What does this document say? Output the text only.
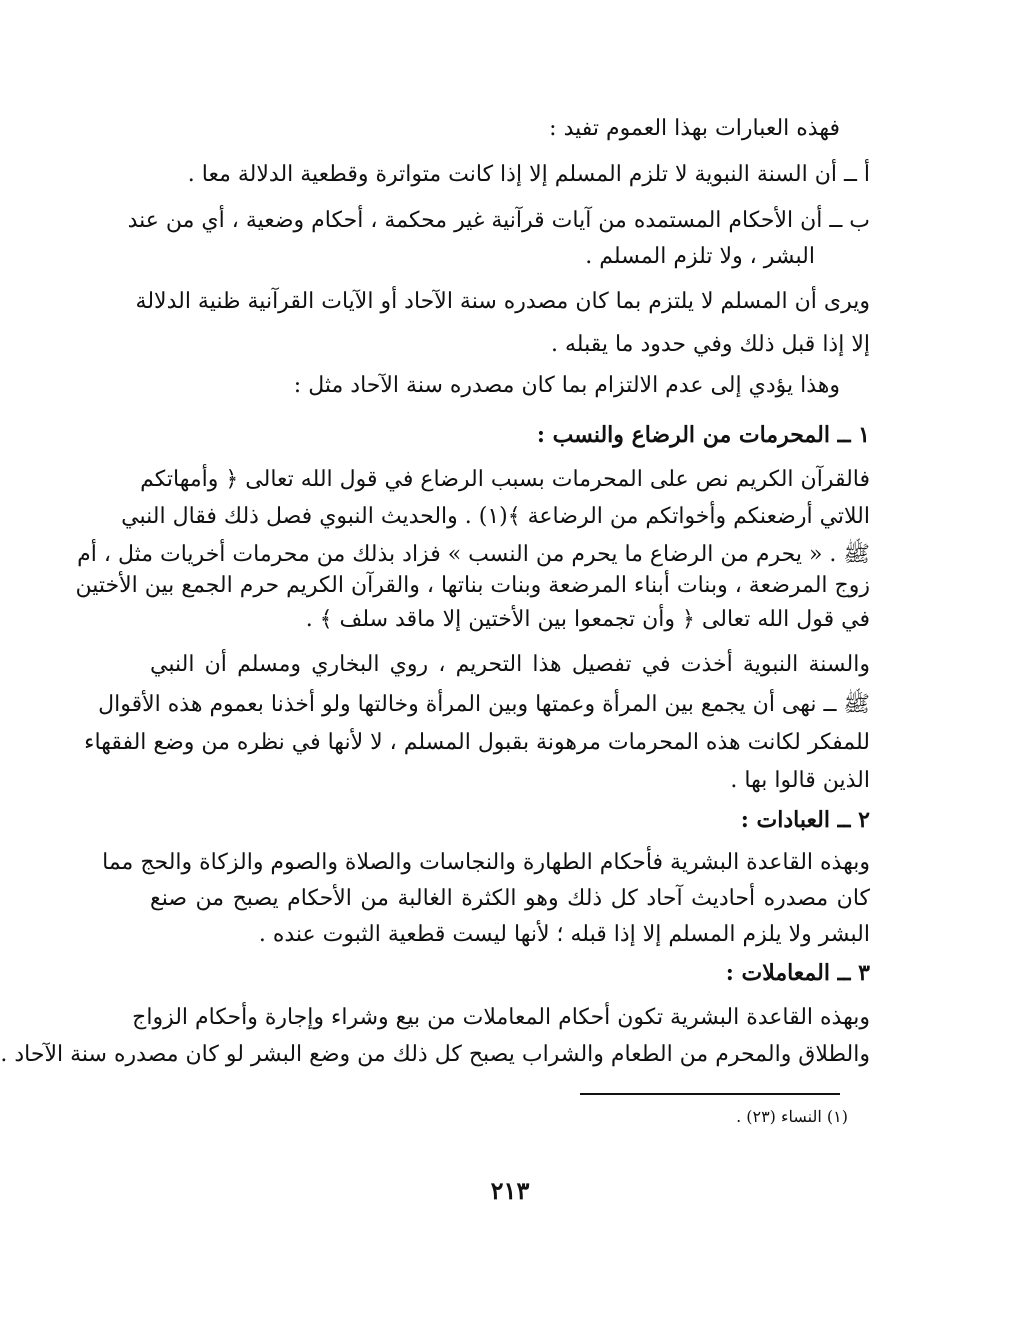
فهذه العبارات بهذا العموم تفيد :
أ ــ أن السنة النبوية لا تلزم المسلم إلا إذا كانت متواترة وقطعية الدلالة معا .
ب ــ أن الأحكام المستمده من آيات قرآنية غير محكمة ، أحكام وضعية ، أي من عند
البشر ، ولا تلزم المسلم .
ويرى أن المسلم لا يلتزم بما كان مصدره سنة الآحاد أو الآيات القرآنية ظنية الدلالة
إلا إذا قبل ذلك وفي حدود ما يقبله .
وهذا يؤدي إلى عدم الالتزام بما كان مصدره سنة الآحاد مثل :
١ ــ المحرمات من الرضاع والنسب :
فالقرآن الكريم نص على المحرمات بسبب الرضاع في قول الله تعالى ﴿ وأمهاتكم
اللاتي أرضعنكم وأخواتكم من الرضاعة ﴾(١) . والحديث النبوي فصل ذلك فقال النبي
ﷺ . « يحرم من الرضاع ما يحرم من النسب » فزاد بذلك من محرمات أخريات مثل ، أم
زوج المرضعة ، وبنات أبناء المرضعة وبنات بناتها ، والقرآن الكريم حرم الجمع بين الأختين
في قول الله تعالى ﴿ وأن تجمعوا بين الأختين إلا ماقد سلف ﴾ .
والسنة النبوية أخذت في تفصيل هذا التحريم ، روي البخاري ومسلم أن النبي
ﷺ ــ نهى أن يجمع بين المرأة وعمتها وبين المرأة وخالتها ولو أخذنا بعموم هذه الأقوال
للمفكر لكانت هذه المحرمات مرهونة بقبول المسلم ، لا لأنها في نظره من وضع الفقهاء
الذين قالوا بها .
٢ ــ العبادات :
وبهذه القاعدة البشرية فأحكام الطهارة والنجاسات والصلاة والصوم والزكاة والحج مما
كان مصدره أحاديث آحاد كل ذلك وهو الكثرة الغالبة من الأحكام يصبح من صنع
البشر ولا يلزم المسلم إلا إذا قبله ؛ لأنها ليست قطعية الثبوت عنده .
٣ ــ المعاملات :
وبهذه القاعدة البشرية تكون أحكام المعاملات من بيع وشراء وإجارة وأحكام الزواج
والطلاق والمحرم من الطعام والشراب يصبح كل ذلك من وضع البشر لو كان مصدره سنة الآحاد .
(١) النساء (٢٣) .
٢١٣
